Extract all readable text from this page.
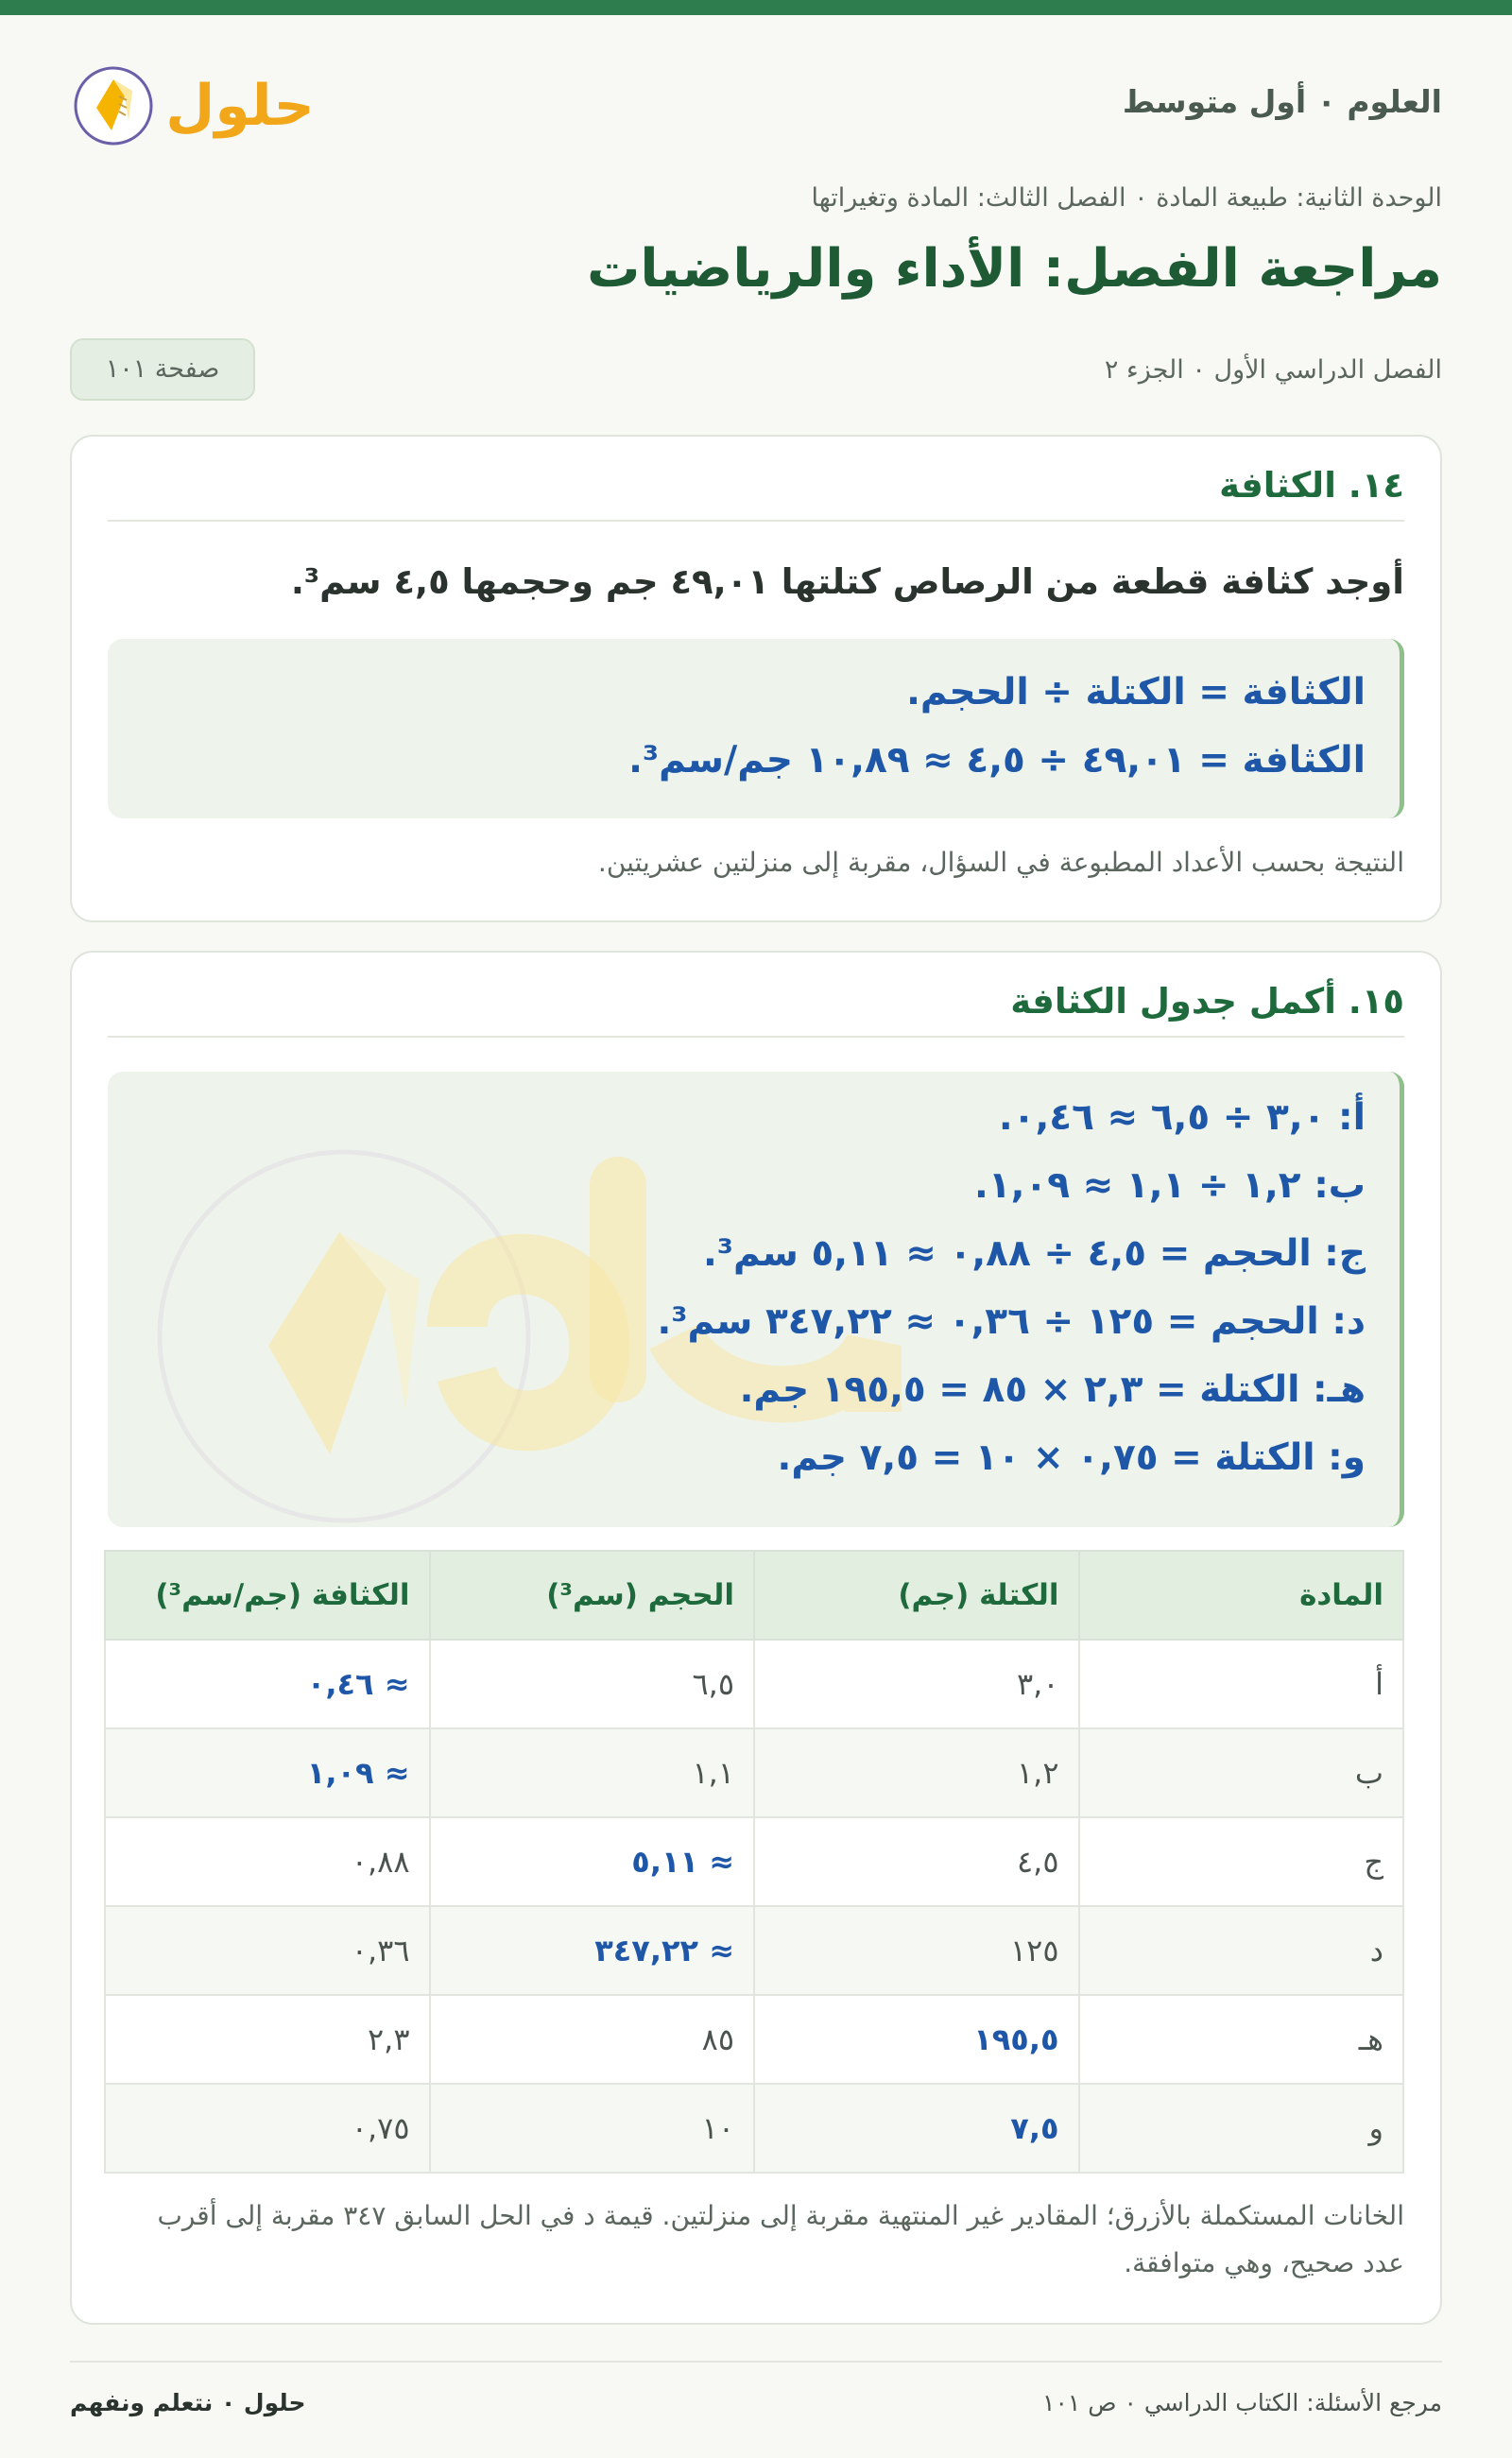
العلوم ٠ أول متوسط
حلول
الوحدة الثانية: طبيعة المادة ٠ الفصل الثالث: المادة وتغيراتها
مراجعة الفصل: الأداء والرياضيات
الفصل الدراسي الأول ٠ الجزء ٢
صفحة ١٠١
١٤. الكثافة
أوجد كثافة قطعة من الرصاص كتلتها ٤٩,٠١ جم وحجمها ٤,٥ سم³.
الكثافة = الكتلة ÷ الحجم.
الكثافة = ٤٩,٠١ ÷ ٤,٥ ≈ ١٠,٨٩ جم/سم³.
النتيجة بحسب الأعداد المطبوعة في السؤال، مقربة إلى منزلتين عشريتين.
١٥. أكمل جدول الكثافة
أ: ٣,٠ ÷ ٦,٥ ≈ ٠,٤٦.
ب: ١,٢ ÷ ١,١ ≈ ١,٠٩.
ج: الحجم = ٤,٥ ÷ ٠,٨٨ ≈ ٥,١١ سم³.
د: الحجم = ١٢٥ ÷ ٠,٣٦ ≈ ٣٤٧,٢٢ سم³.
هـ: الكتلة = ٢,٣ × ٨٥ = ١٩٥,٥ جم.
و: الكتلة = ٠,٧٥ × ١٠ = ٧,٥ جم.
المادة	الكتلة (جم)	الحجم (سم³)	الكثافة (جم/سم³)
أ	٣,٠	٦,٥	≈ ٠,٤٦
ب	١,٢	١,١	≈ ١,٠٩
ج	٤,٥	≈ ٥,١١	٠,٨٨
د	١٢٥	≈ ٣٤٧,٢٢	٠,٣٦
هـ	١٩٥,٥	٨٥	٢,٣
و	٧,٥	١٠	٠,٧٥
الخانات المستكملة بالأزرق؛ المقادير غير المنتهية مقربة إلى منزلتين. قيمة د في الحل السابق ٣٤٧ مقربة إلى أقرب عدد صحيح، وهي متوافقة.
مرجع الأسئلة: الكتاب الدراسي ٠ ص ١٠١
حلول ٠ نتعلم ونفهم
